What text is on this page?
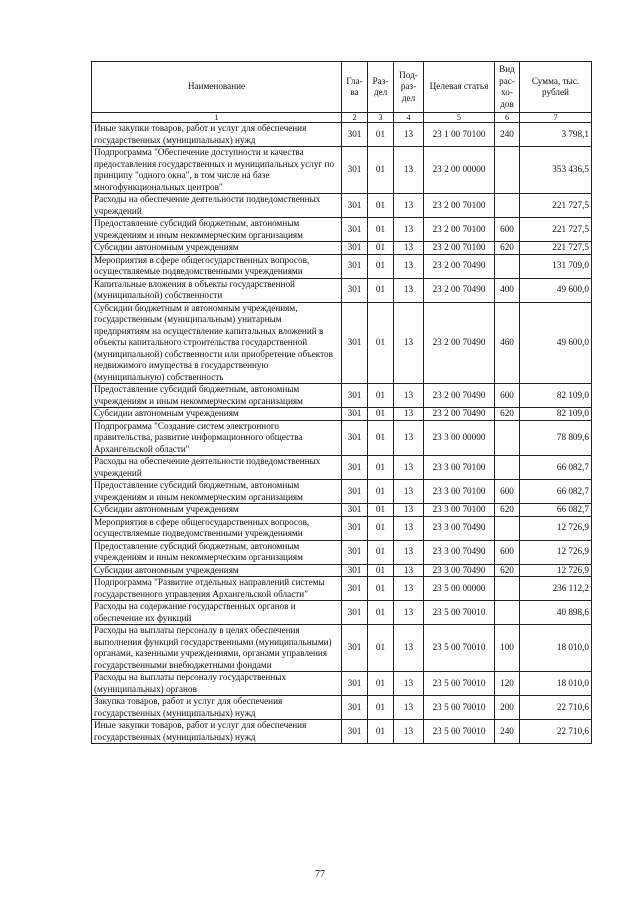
Наименование	Гла-ва	Раз-дел	Под-раз-дел	Целевая статья	Вид рас-хо-дов	Сумма, тыс. рублей
1	2	3	4	5	6	7
Иные закупки товаров, работ и услуг для обеспечения государственных (муниципальных) нужд	301	01	13	23 1 00 70100	240	3 798,1
Подпрограмма "Обеспечение доступности и качества предоставления государственных и муниципальных услуг по принципу "одного окна", в том числе на базе многофункциональных центров"	301	01	13	23 2 00 00000		353 436,5
Расходы на обеспечение деятельности подведомственных учреждений	301	01	13	23 2 00 70100		221 727,5
Предоставление субсидий бюджетным, автономным учреждениям и иным некоммерческим организациям	301	01	13	23 2 00 70100	600	221 727,5
Субсидии автономным учреждениям	301	01	13	23 2 00 70100	620	221 727,5
Мероприятия в сфере общегосударственных вопросов, осуществляемые подведомственными учреждениями	301	01	13	23 2 00 70490		131 709,0
Капитальные вложения в объекты государственной (муниципальной) собственности	301	01	13	23 2 00 70490	400	49 600,0
Субсидии бюджетным и автономным учреждениям, государственным (муниципальным) унитарным предприятиям на осуществление капитальных вложений в объекты капитального строительства государственной (муниципальной) собственности или приобретение объектов недвижимого имущества в государственную (муниципальную) собственность	301	01	13	23 2 00 70490	460	49 600,0
Предоставление субсидий бюджетным, автономным учреждениям и иным некоммерческим организациям	301	01	13	23 2 00 70490	600	82 109,0
Субсидии автономным учреждениям	301	01	13	23 2 00 70490	620	82 109,0
Подпрограмма "Создание систем электронного правительства, развитие информационного общества Архангельской области"	301	01	13	23 3 00 00000		78 809,6
Расходы на обеспечение деятельности подведомственных учреждений	301	01	13	23 3 00 70100		66 082,7
Предоставление субсидий бюджетным, автономным учреждениям и иным некоммерческим организациям	301	01	13	23 3 00 70100	600	66 082,7
Субсидии автономным учреждениям	301	01	13	23 3 00 70100	620	66 082,7
Мероприятия в сфере общегосударственных вопросов, осуществляемые подведомственными учреждениями	301	01	13	23 3 00 70490		12 726,9
Предоставление субсидий бюджетным, автономным учреждениям и иным некоммерческим организациям	301	01	13	23 3 00 70490	600	12 726,9
Субсидии автономным учреждениям	301	01	13	23 3 00 70490	620	12 726,9
Подпрограмма "Развитие отдельных направлений системы государственного управления Архангельской области"	301	01	13	23 5 00 00000		236 112,2
Расходы на содержание государственных органов и обеспечение их функций	301	01	13	23 5 00 70010		40 898,6
Расходы на выплаты персоналу в целях обеспечения выполнения функций государственными (муниципальными) органами, казенными учреждениями, органами управления государственными внебюджетными фондами	301	01	13	23 5 00 70010	100	18 010,0
Расходы на выплаты персоналу государственных (муниципальных) органов	301	01	13	23 5 00 70010	120	18 010,0
Закупка товаров, работ и услуг для обеспечения государственных (муниципальных) нужд	301	01	13	23 5 00 70010	200	22 710,6
Иные закупки товаров, работ и услуг для обеспечения государственных (муниципальных) нужд	301	01	13	23 5 00 70010	240	22 710,6
77
